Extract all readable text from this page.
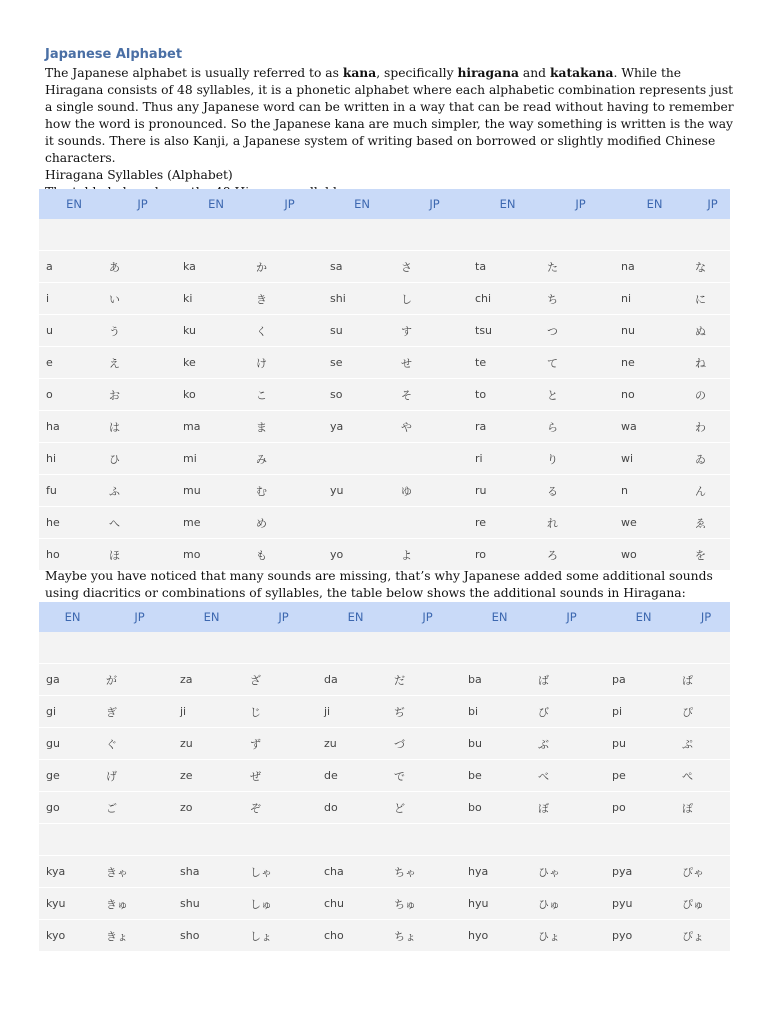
Japanese Alphabet

The Japanese alphabet is usually referred to as kana, specifically hiragana and katakana. While the Hiragana consists of 48 syllables, it is a phonetic alphabet where each alphabetic combination represents just a single sound. Thus any Japanese word can be written in a way that can be read without having to remember how the word is pronounced. So the Japanese kana are much simpler, the way something is written is the way it sounds. There is also Kanji, a Japanese system of writing based on borrowed or slightly modified Chinese characters.

Hiragana Syllables (Alphabet)

EN	JP	EN	JP	EN	JP	EN	JP	EN	JP

a	あ	ka	か	sa	さ	ta	た	na	な
i	い	ki	き	shi	し	chi	ち	ni	に
u	う	ku	く	su	す	tsu	つ	nu	ぬ
e	え	ke	け	se	せ	te	て	ne	ね
o	お	ko	こ	so	そ	to	と	no	の
ha	は	ma	ま	ya	や	ra	ら	wa	わ
hi	ひ	mi	み			ri	り	wi	ゐ
fu	ふ	mu	む	yu	ゆ	ru	る	n	ん
he	へ	me	め			re	れ	we	ゑ
ho	ほ	mo	も	yo	よ	ro	ろ	wo	を

Maybe you have noticed that many sounds are missing, that’s why Japanese added some additional sounds using diacritics or combinations of syllables, the table below shows the additional sounds in Hiragana:

EN	JP	EN	JP	EN	JP	EN	JP	EN	JP

ga	が	za	ざ	da	だ	ba	ば	pa	ぱ
gi	ぎ	ji	じ	ji	ぢ	bi	び	pi	ぴ
gu	ぐ	zu	ず	zu	づ	bu	ぶ	pu	ぷ
ge	げ	ze	ぜ	de	で	be	べ	pe	ぺ
go	ご	zo	ぞ	do	ど	bo	ぼ	po	ぽ

kya	きゃ	sha	しゃ	cha	ちゃ	hya	ひゃ	pya	ぴゃ
kyu	きゅ	shu	しゅ	chu	ちゅ	hyu	ひゅ	pyu	ぴゅ
kyo	きょ	sho	しょ	cho	ちょ	hyo	ひょ	pyo	ぴょ
